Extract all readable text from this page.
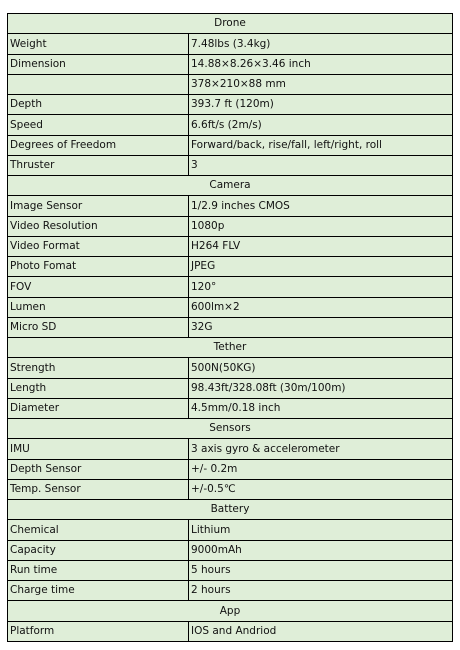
Drone	
Weight	7.48lbs (3.4kg)
Dimension	14.88×8.26×3.46 inch
	378×210×88 mm
Depth	393.7 ft (120m)
Speed	6.6ft/s (2m/s)
Degrees of Freedom	Forward/back, rise/fall, left/right, roll
Thruster	3
Camera	
Image Sensor	1/2.9 inches CMOS
Video Resolution	1080p
Video Format	H264 FLV
Photo Fomat	JPEG
FOV	120°
Lumen	600lm×2
Micro SD	32G
Tether	
Strength	500N(50KG)
Length	98.43ft/328.08ft (30m/100m)
Diameter	4.5mm/0.18 inch
Sensors	
IMU	3 axis gyro & accelerometer
Depth Sensor	+/- 0.2m
Temp. Sensor	+/-0.5℃
Battery	
Chemical	Lithium
Capacity	9000mAh
Run time	5 hours
Charge time	2 hours
App	
Platform	IOS and Andriod
